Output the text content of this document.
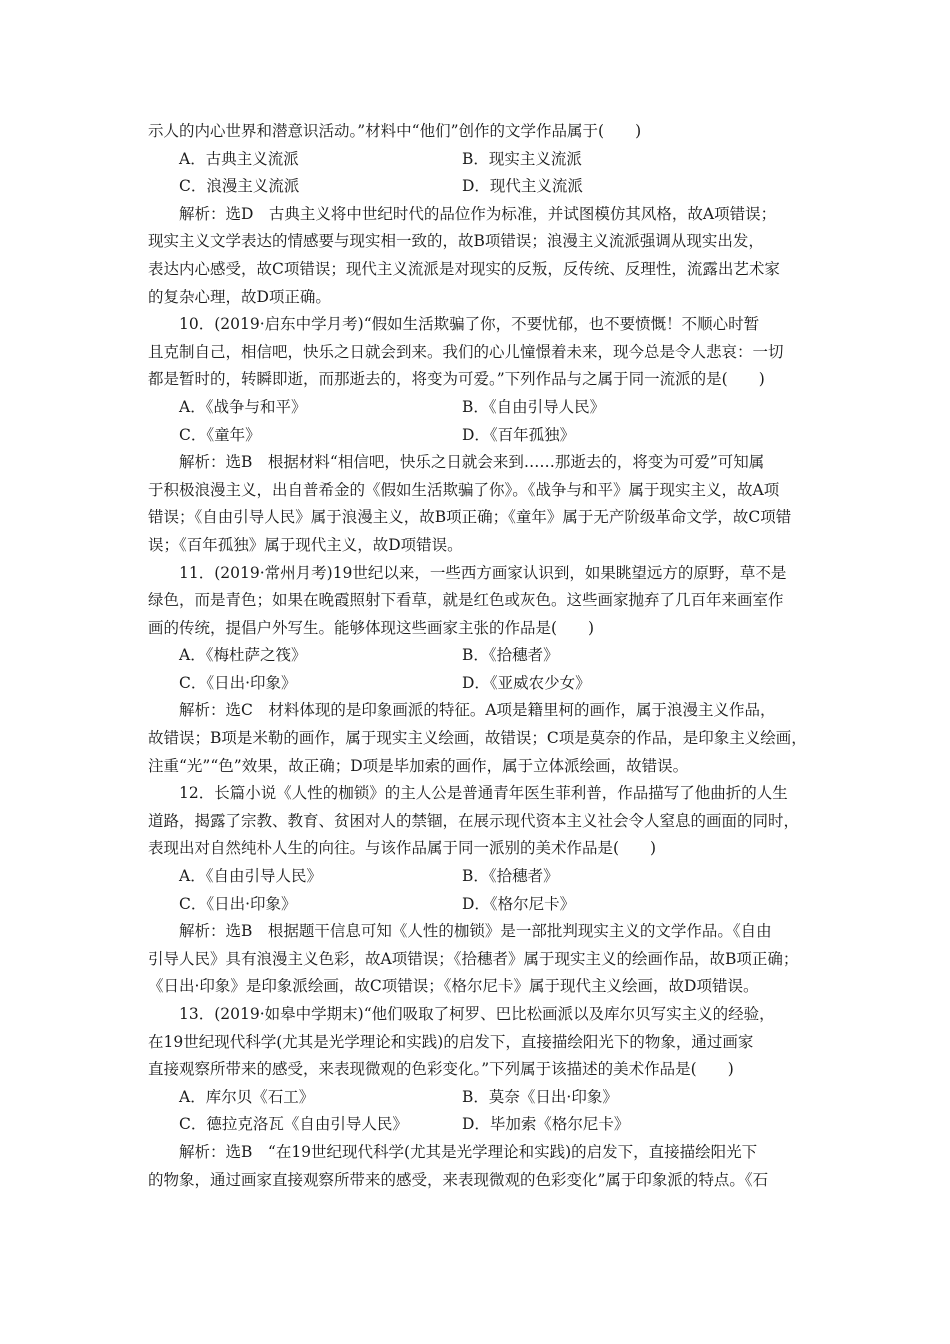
示人的内心世界和潜意识活动。”材料中“他们”创作的文学作品属于(　　)
A．古典主义流派	B．现实主义流派
C．浪漫主义流派	D．现代主义流派
解析：选D　古典主义将中世纪时代的品位作为标准，并试图模仿其风格，故A项错误；
现实主义文学表达的情感要与现实相一致的，故B项错误；浪漫主义流派强调从现实出发，
表达内心感受，故C项错误；现代主义流派是对现实的反叛，反传统、反理性，流露出艺术家
的复杂心理，故D项正确。
10．(2019·启东中学月考)“假如生活欺骗了你，不要忧郁，也不要愤慨！不顺心时暂
且克制自己，相信吧，快乐之日就会到来。我们的心儿憧憬着未来，现今总是令人悲哀：一切
都是暂时的，转瞬即逝，而那逝去的，将变为可爱。”下列作品与之属于同一流派的是(　　)
A．《战争与和平》	B．《自由引导人民》
C．《童年》	D．《百年孤独》
解析：选B　根据材料“相信吧，快乐之日就会来到……那逝去的，将变为可爱”可知属
于积极浪漫主义，出自普希金的《假如生活欺骗了你》。《战争与和平》属于现实主义，故A项
错误；《自由引导人民》属于浪漫主义，故B项正确；《童年》属于无产阶级革命文学，故C项错
误；《百年孤独》属于现代主义，故D项错误。
11．(2019·常州月考)19世纪以来，一些西方画家认识到，如果眺望远方的原野，草不是
绿色，而是青色；如果在晚霞照射下看草，就是红色或灰色。这些画家抛弃了几百年来画室作
画的传统，提倡户外写生。能够体现这些画家主张的作品是(　　)
A．《梅杜萨之筏》	B．《拾穗者》
C．《日出·印象》	D．《亚威农少女》
解析：选C　材料体现的是印象画派的特征。A项是籍里柯的画作，属于浪漫主义作品，
故错误；B项是米勒的画作，属于现实主义绘画，故错误；C项是莫奈的作品，是印象主义绘画，
注重“光”“色”效果，故正确；D项是毕加索的画作，属于立体派绘画，故错误。
12．长篇小说《人性的枷锁》的主人公是普通青年医生菲利普，作品描写了他曲折的人生
道路，揭露了宗教、教育、贫困对人的禁锢，在展示现代资本主义社会令人窒息的画面的同时，
表现出对自然纯朴人生的向往。与该作品属于同一派别的美术作品是(　　)
A．《自由引导人民》	B．《拾穗者》
C．《日出·印象》	D．《格尔尼卡》
解析：选B　根据题干信息可知《人性的枷锁》是一部批判现实主义的文学作品。《自由
引导人民》具有浪漫主义色彩，故A项错误；《拾穗者》属于现实主义的绘画作品，故B项正确；
《日出·印象》是印象派绘画，故C项错误；《格尔尼卡》属于现代主义绘画，故D项错误。
13．(2019·如皋中学期末)“他们吸取了柯罗、巴比松画派以及库尔贝写实主义的经验，
在19世纪现代科学(尤其是光学理论和实践)的启发下，直接描绘阳光下的物象，通过画家
直接观察所带来的感受，来表现微观的色彩变化。”下列属于该描述的美术作品是(　　)
A．库尔贝《石工》	B．莫奈《日出·印象》
C．德拉克洛瓦《自由引导人民》	D．毕加索《格尔尼卡》
解析：选B　“在19世纪现代科学(尤其是光学理论和实践)的启发下，直接描绘阳光下
的物象，通过画家直接观察所带来的感受，来表现微观的色彩变化”属于印象派的特点。《石
